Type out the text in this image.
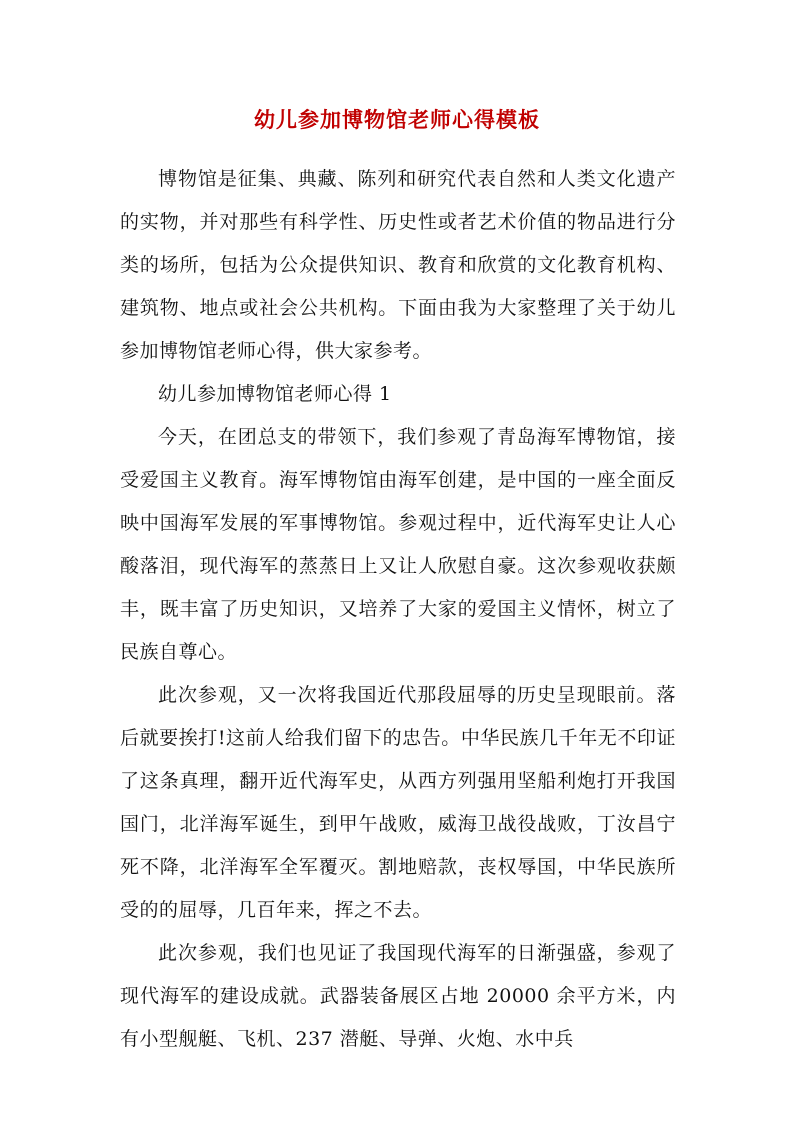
幼儿参加博物馆老师心得模板

博物馆是征集、典藏、陈列和研究代表自然和人类文化遗产的实物，并对那些有科学性、历史性或者艺术价值的物品进行分类的场所，包括为公众提供知识、教育和欣赏的文化教育机构、建筑物、地点或社会公共机构。下面由我为大家整理了关于幼儿参加博物馆老师心得，供大家参考。

幼儿参加博物馆老师心得 1

今天，在团总支的带领下，我们参观了青岛海军博物馆，接受爱国主义教育。海军博物馆由海军创建，是中国的一座全面反映中国海军发展的军事博物馆。参观过程中，近代海军史让人心酸落泪，现代海军的蒸蒸日上又让人欣慰自豪。这次参观收获颇丰，既丰富了历史知识，又培养了大家的爱国主义情怀，树立了民族自尊心。

此次参观，又一次将我国近代那段屈辱的历史呈现眼前。落后就要挨打!这前人给我们留下的忠告。中华民族几千年无不印证了这条真理，翻开近代海军史，从西方列强用坚船利炮打开我国国门，北洋海军诞生，到甲午战败，威海卫战役战败，丁汝昌宁死不降，北洋海军全军覆灭。割地赔款，丧权辱国，中华民族所受的的屈辱，几百年来，挥之不去。

此次参观，我们也见证了我国现代海军的日渐强盛，参观了现代海军的建设成就。武器装备展区占地 20000 余平方米，内有小型舰艇、飞机、237 潜艇、导弹、火炮、水中兵
